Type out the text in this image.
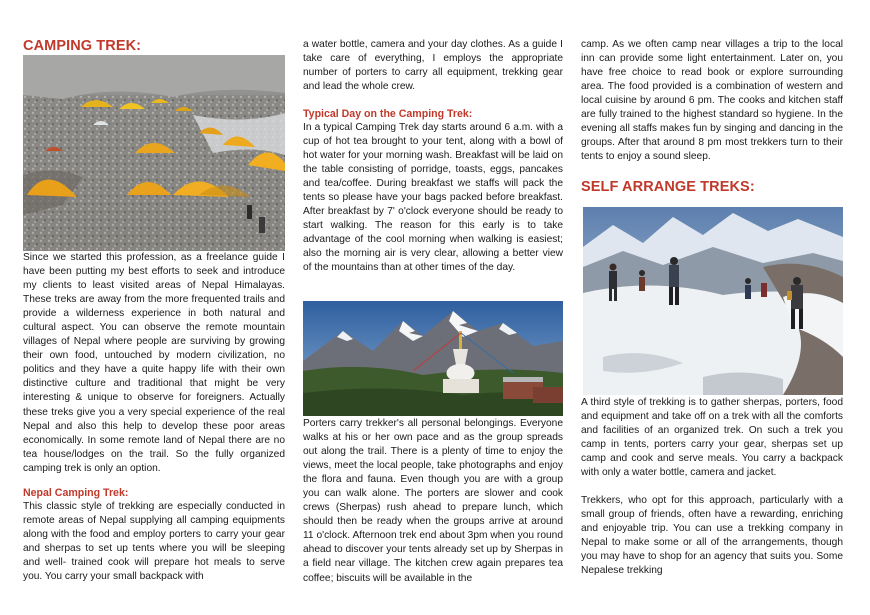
CAMPING TREK:

Since we started this profession, as a freelance guide I have been putting my best efforts to seek and introduce my clients to least visited areas of Nepal Himalayas. These treks are away from the more frequented trails and provide a wilderness experience in both natural and cultural aspect. You can observe the remote mountain villages of Nepal where people are surviving by growing their own food, untouched by modern civilization, no politics and they have a quite happy life with their own distinctive culture and traditional that might be very interesting & unique to observe for foreigners. Actually these treks give you a very special experience of the real Nepal and also this help to develop these poor areas economically. In some remote land of Nepal there are no tea house/lodges on the trail. So the fully organized camping trek is only an option.

Nepal Camping Trek:

This classic style of trekking are especially conducted in remote areas of Nepal supplying all camping equipments along with the food and employ porters to carry your gear and sherpas to set up tents where you will be sleeping and well- trained cook will prepare hot meals to serve you. You carry your small backpack with

a water bottle, camera and your day clothes. As a guide I take care of everything, I employs the appropriate number of porters to carry all equipment, trekking gear and lead the whole crew.

Typical Day on the Camping Trek:

In a typical Camping Trek day starts around 6 a.m. with a cup of hot tea brought to your tent, along with a bowl of hot water for your morning wash. Breakfast will be laid on the table consisting of porridge, toasts, eggs, pancakes and tea/coffee. During breakfast we staffs will pack the tents so please have your bags packed before breakfast. After breakfast by 7' o'clock everyone should be ready to start walking. The reason for this early is to take advantage of the cool morning when walking is easiest; also the morning air is very clear, allowing a better view of the mountains than at other times of the day.

Porters carry trekker's all personal belongings. Everyone walks at his or her own pace and as the group spreads out along the trail. There is a plenty of time to enjoy the views, meet the local people, take photographs and enjoy the flora and fauna. Even though you are with a group you can walk alone. The porters are slower and cook crews (Sherpas) rush ahead to prepare lunch, which should then be ready when the groups arrive at around 11 o'clock. Afternoon trek end about 3pm when you round ahead to discover your tents already set up by Sherpas in a field near village. The kitchen crew again prepares tea coffee; biscuits will be available in the

camp. As we often camp near villages a trip to the local inn can provide some light entertainment. Later on, you have free choice to read book or explore surrounding area. The food provided is a combination of western and local cuisine by around 6 pm. The cooks and kitchen staff are fully trained to the highest standard so hygiene. In the evening all staffs makes fun by singing and dancing in the groups. After that around 8 pm most trekkers turn to their tents to enjoy a sound sleep.

SELF ARRANGE TREKS:

A third style of trekking is to gather sherpas, porters, food and equipment and take off on a trek with all the comforts and facilities of an organized trek. On such a trek you camp in tents, porters carry your gear, sherpas set up camp and cook and serve meals. You carry a backpack with only a water bottle, camera and jacket.

Trekkers, who opt for this approach, particularly with a small group of friends, often have a rewarding, enriching and enjoyable trip. You can use a trekking company in Nepal to make some or all of the arrangements, though you may have to shop for an agency that suits you. Some Nepalese trekking
